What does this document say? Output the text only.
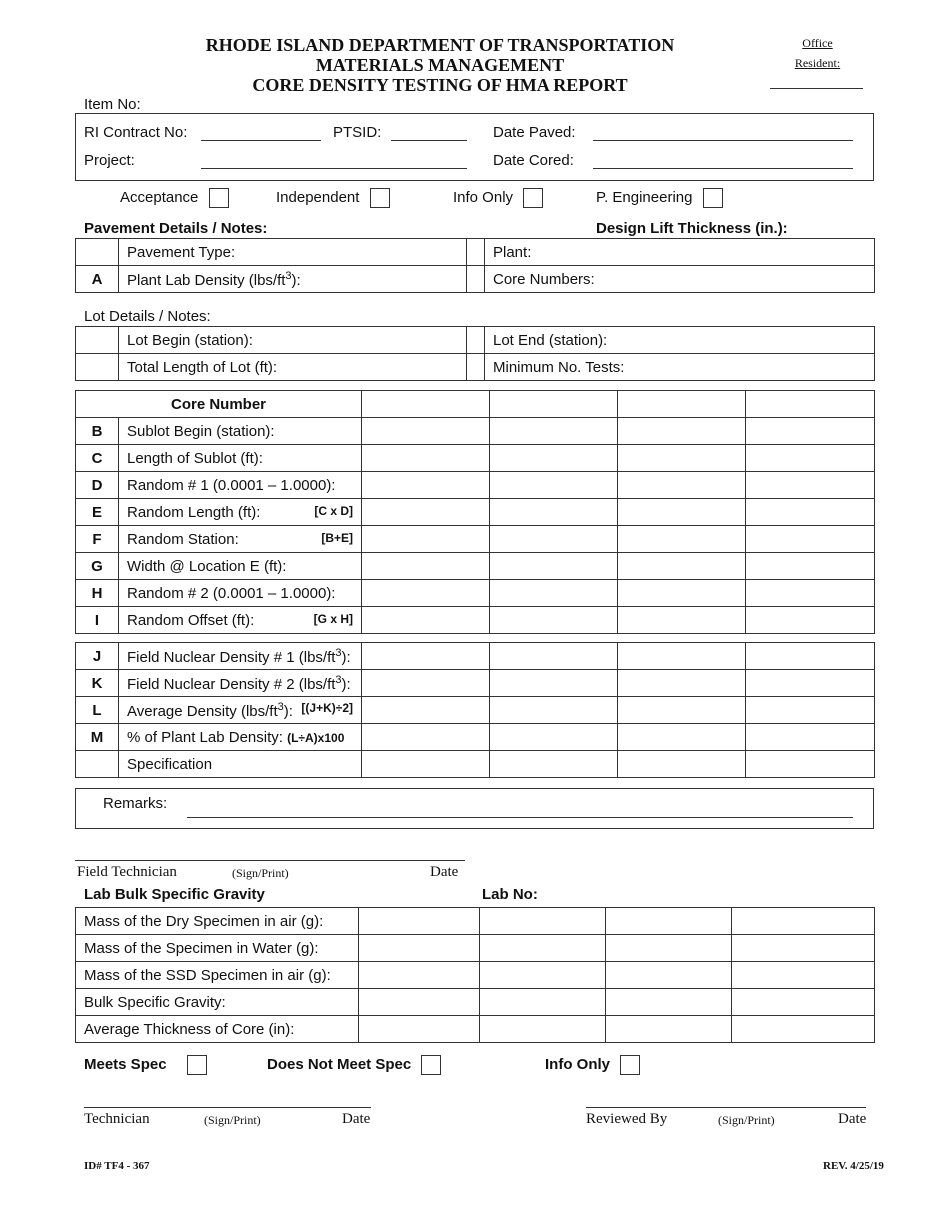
RHODE ISLAND DEPARTMENT OF TRANSPORTATION
MATERIALS MANAGEMENT
CORE DENSITY TESTING OF HMA REPORT
Office
Resident:
Item No:
RI Contract No:	PTSID:	Date Paved:
Project:	Date Cored:
Acceptance	Independent	Info Only	P. Engineering
Pavement Details / Notes:	Design Lift Thickness (in.):
	Pavement Type:		Plant:
A	Plant Lab Density $(lbs/ft^3)$:		Core Numbers:
Lot Details / Notes:
	Lot Begin (station):		Lot End (station):
	Total Length of Lot (ft):		Minimum No. Tests:
Core Number					
B	Sublot Begin (station):				
C	Length of Sublot (ft):				
D	Random # 1 (0.0001 – 1.0000):				
E	Random Length (ft): [C x D]				

F	Random Station: [B+E]				

G	Width @ Location E (ft):				
H	Random # 2 (0.0001 – 1.0000):				
I	Random Offset (ft): [G x H]				

J	Field Nuclear Density # 1 $(lbs/ft^3)$:				
K	Field Nuclear Density # 2 $(lbs/ft^3)$:				
L	Average Density $(lbs/ft^3)$: [(J+K)÷2]				

M	% of Plant Lab Density: (L÷A)x100				
	Specification				
Remarks:
Field Technician	(Sign/Print)	Date
Lab Bulk Specific Gravity	Lab No:
Mass of the Dry Specimen in air (g):				
Mass of the Specimen in Water (g):				
Mass of the SSD Specimen in air (g):				
Bulk Specific Gravity:				
Average Thickness of Core (in):				
Meets Spec	Does Not Meet Spec	Info Only
Technician	(Sign/Print)	Date	Reviewed By	(Sign/Print)	Date
ID# TF4 - 367	REV. 4/25/19
